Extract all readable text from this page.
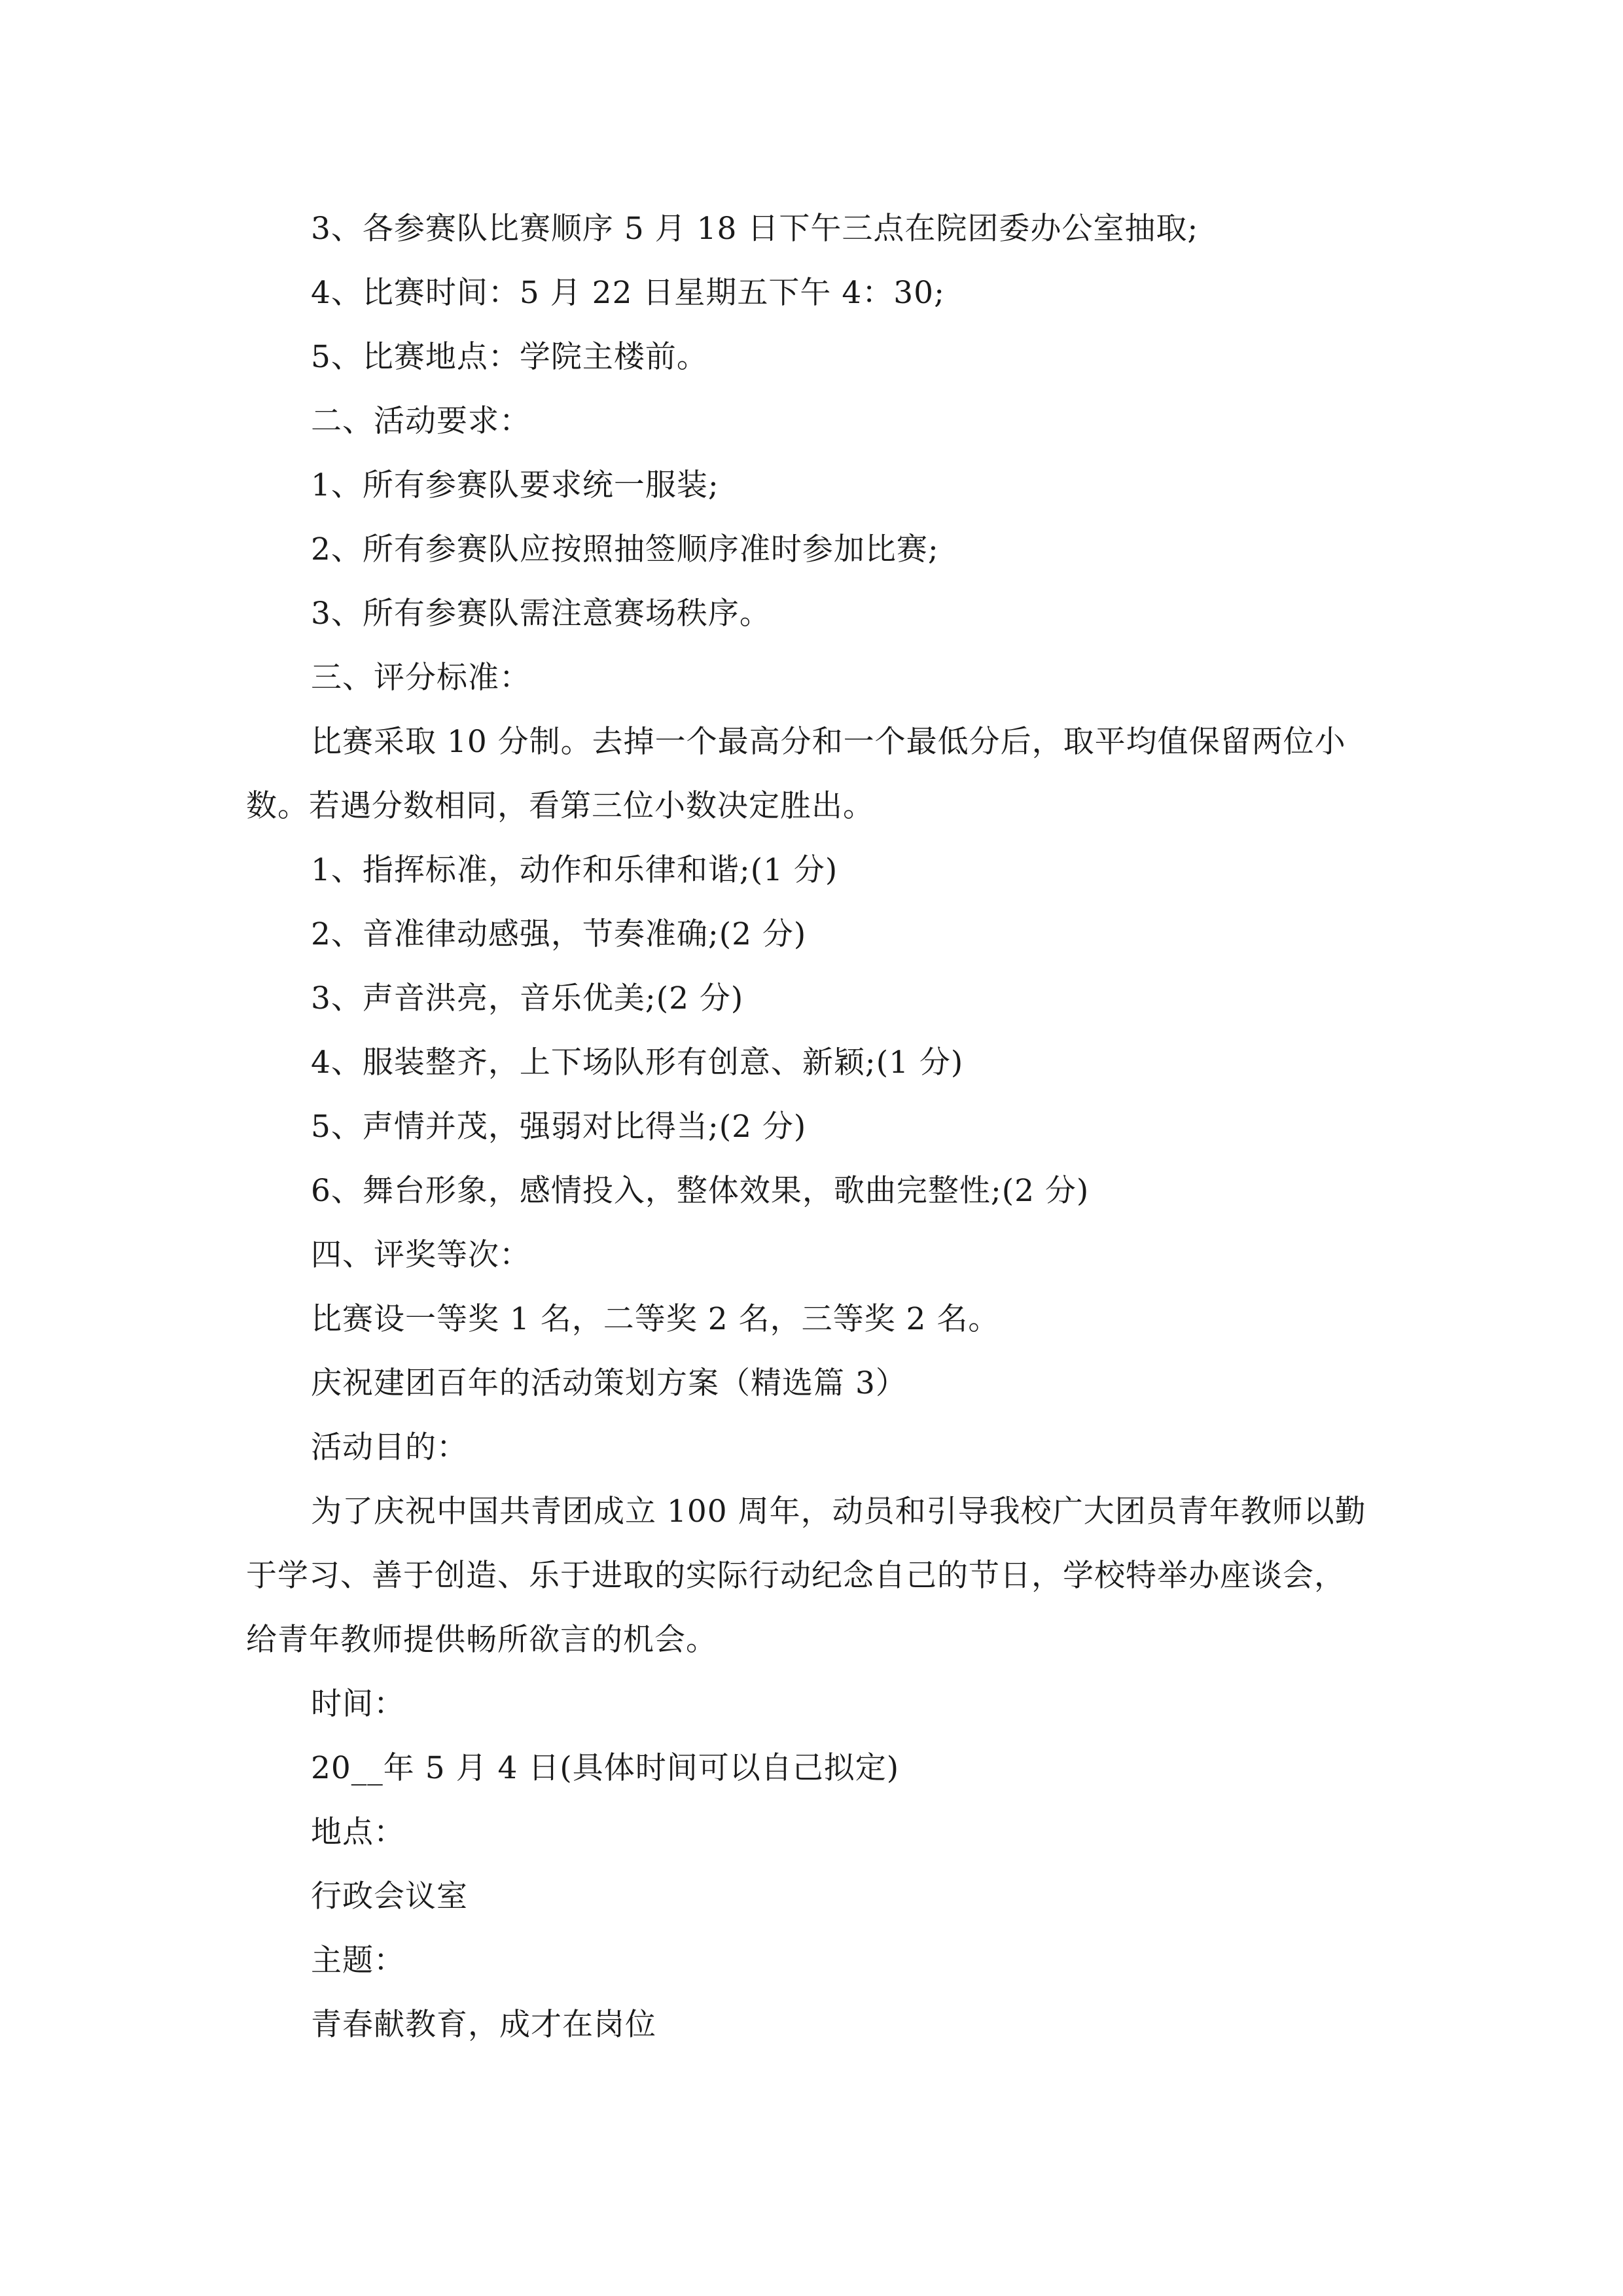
3、各参赛队比赛顺序 5 月 18 日下午三点在院团委办公室抽取;
4、比赛时间：5 月 22 日星期五下午 4：30;
5、比赛地点：学院主楼前。
二、活动要求：
1、所有参赛队要求统一服装;
2、所有参赛队应按照抽签顺序准时参加比赛;
3、所有参赛队需注意赛场秩序。
三、评分标准：
比赛采取 10 分制。去掉一个最高分和一个最低分后，取平均值保留两位小
数。若遇分数相同，看第三位小数决定胜出。
1、指挥标准，动作和乐律和谐;(1 分)
2、音准律动感强，节奏准确;(2 分)
3、声音洪亮，音乐优美;(2 分)
4、服装整齐，上下场队形有创意、新颖;(1 分)
5、声情并茂，强弱对比得当;(2 分)
6、舞台形象，感情投入，整体效果，歌曲完整性;(2 分)
四、评奖等次：
比赛设一等奖 1 名，二等奖 2 名，三等奖 2 名。
庆祝建团百年的活动策划方案（精选篇 3）
活动目的：
为了庆祝中国共青团成立 100 周年，动员和引导我校广大团员青年教师以勤
于学习、善于创造、乐于进取的实际行动纪念自己的节日，学校特举办座谈会，
给青年教师提供畅所欲言的机会。
时间：
20__年 5 月 4 日(具体时间可以自己拟定)
地点：
行政会议室
主题：
青春献教育，成才在岗位
